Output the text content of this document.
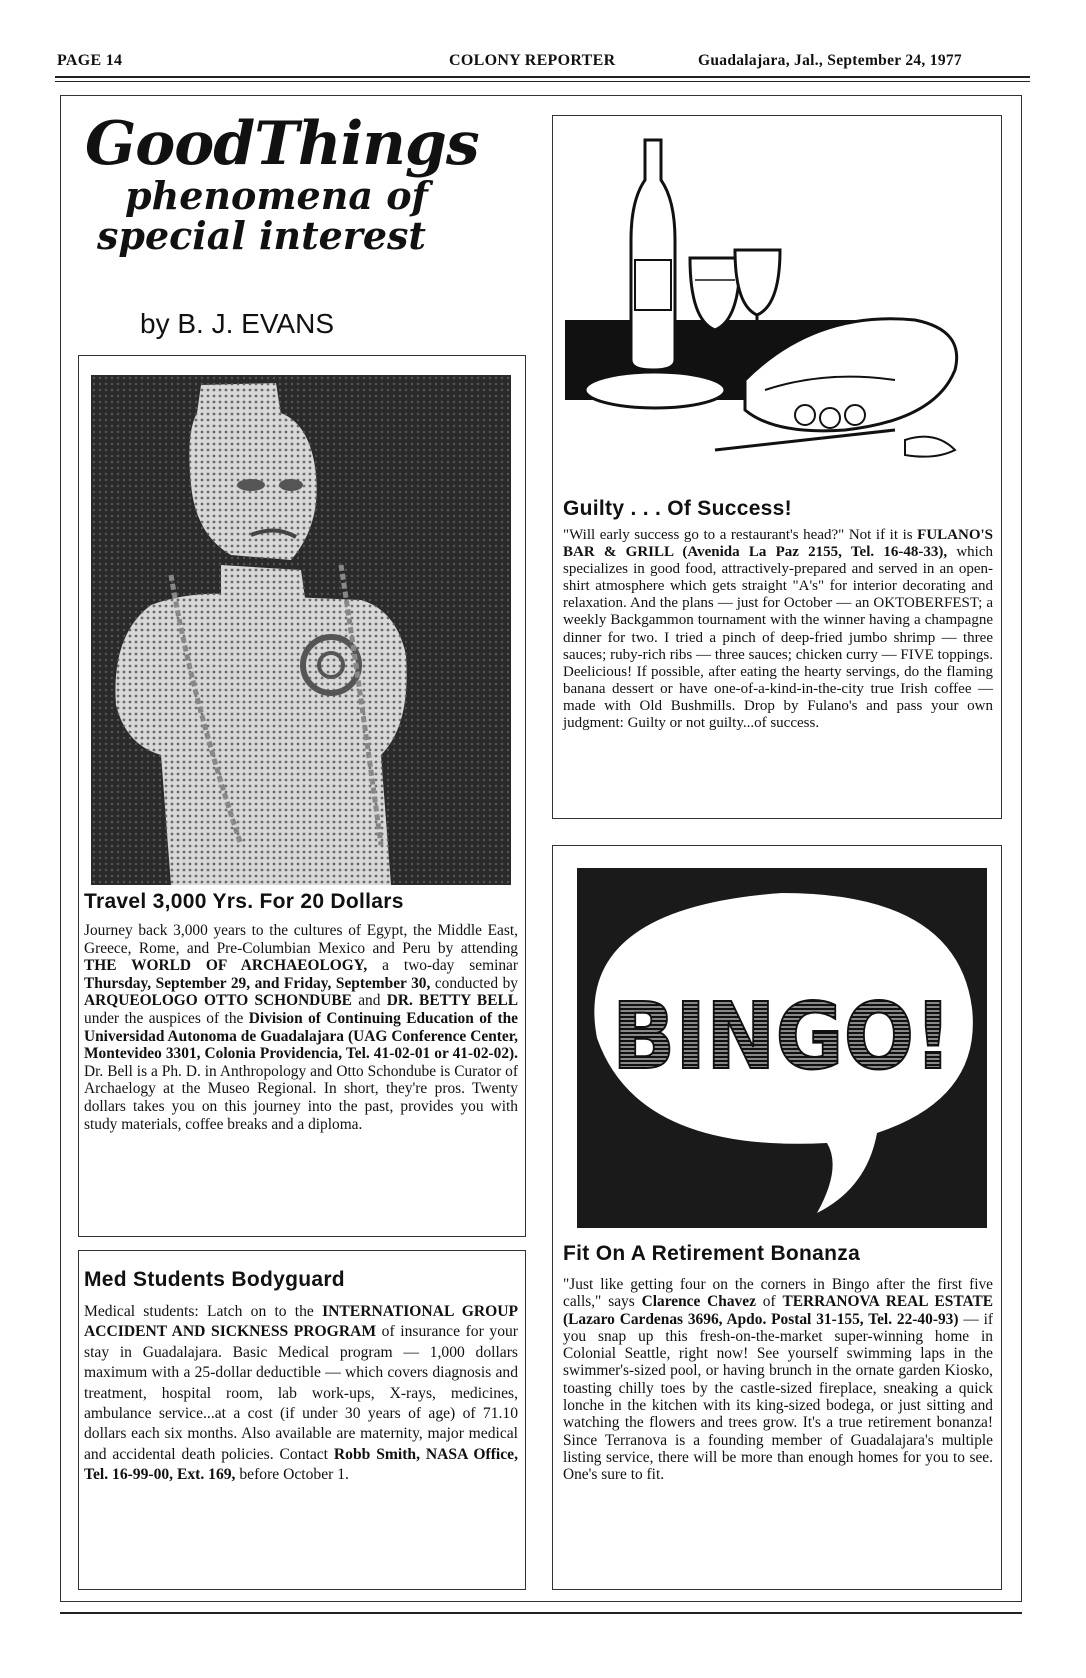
PAGE 14	COLONY REPORTER	Guadalajara, Jal., September 24, 1977
GoodThings
phenomena of
special interest
by B. J. EVANS
Travel 3,000 Yrs. For 20 Dollars
Journey back 3,000 years to the cultures of Egypt, the Middle East, Greece, Rome, and Pre-Columbian Mexico and Peru by attending THE WORLD OF ARCHAEOLOGY, a two-day seminar Thursday, September 29, and Friday, September 30, conducted by ARQUEOLOGO OTTO SCHONDUBE and DR. BETTY BELL under the auspices of the Division of Continuing Education of the Universidad Autonoma de Guadalajara (UAG Conference Center, Montevideo 3301, Colonia Providencia, Tel. 41-02-01 or 41-02-02). Dr. Bell is a Ph. D. in Anthropology and Otto Schondube is Curator of Archaelogy at the Museo Regional. In short, they're pros. Twenty dollars takes you on this journey into the past, provides you with study materials, coffee breaks and a diploma.
Med Students Bodyguard
Medical students: Latch on to the INTERNATIONAL GROUP ACCIDENT AND SICKNESS PROGRAM of insurance for your stay in Guadalajara. Basic Medical program — 1,000 dollars maximum with a 25-dollar deductible — which covers diagnosis and treatment, hospital room, lab work-ups, X-rays, medicines, ambulance service...at a cost (if under 30 years of age) of 71.10 dollars each six months. Also available are maternity, major medical and accidental death policies. Contact Robb Smith, NASA Office, Tel. 16-99-00, Ext. 169, before October 1.
Guilty . . . Of Success!
"Will early success go to a restaurant's head?" Not if it is FULANO'S BAR & GRILL (Avenida La Paz 2155, Tel. 16-48-33), which specializes in good food, attractively-prepared and served in an open-shirt atmosphere which gets straight "A's" for interior decorating and relaxation. And the plans — just for October — an OKTOBERFEST; a weekly Backgammon tournament with the winner having a champagne dinner for two. I tried a pinch of deep-fried jumbo shrimp — three sauces; ruby-rich ribs — three sauces; chicken curry — FIVE toppings. Deelicious! If possible, after eating the hearty servings, do the flaming banana dessert or have one-of-a-kind-in-the-city true Irish coffee — made with Old Bushmills. Drop by Fulano's and pass your own judgment: Guilty or not guilty...of success.
BINGO!
Fit On A Retirement Bonanza
"Just like getting four on the corners in Bingo after the first five calls," says Clarence Chavez of TERRANOVA REAL ESTATE (Lazaro Cardenas 3696, Apdo. Postal 31-155, Tel. 22-40-93) — if you snap up this fresh-on-the-market super-winning home in Colonial Seattle, right now! See yourself swimming laps in the swimmer's-sized pool, or having brunch in the ornate garden Kiosko, toasting chilly toes by the castle-sized fireplace, sneaking a quick lonche in the kitchen with its king-sized bodega, or just sitting and watching the flowers and trees grow. It's a true retirement bonanza! Since Terranova is a founding member of Guadalajara's multiple listing service, there will be more than enough homes for you to see. One's sure to fit.
